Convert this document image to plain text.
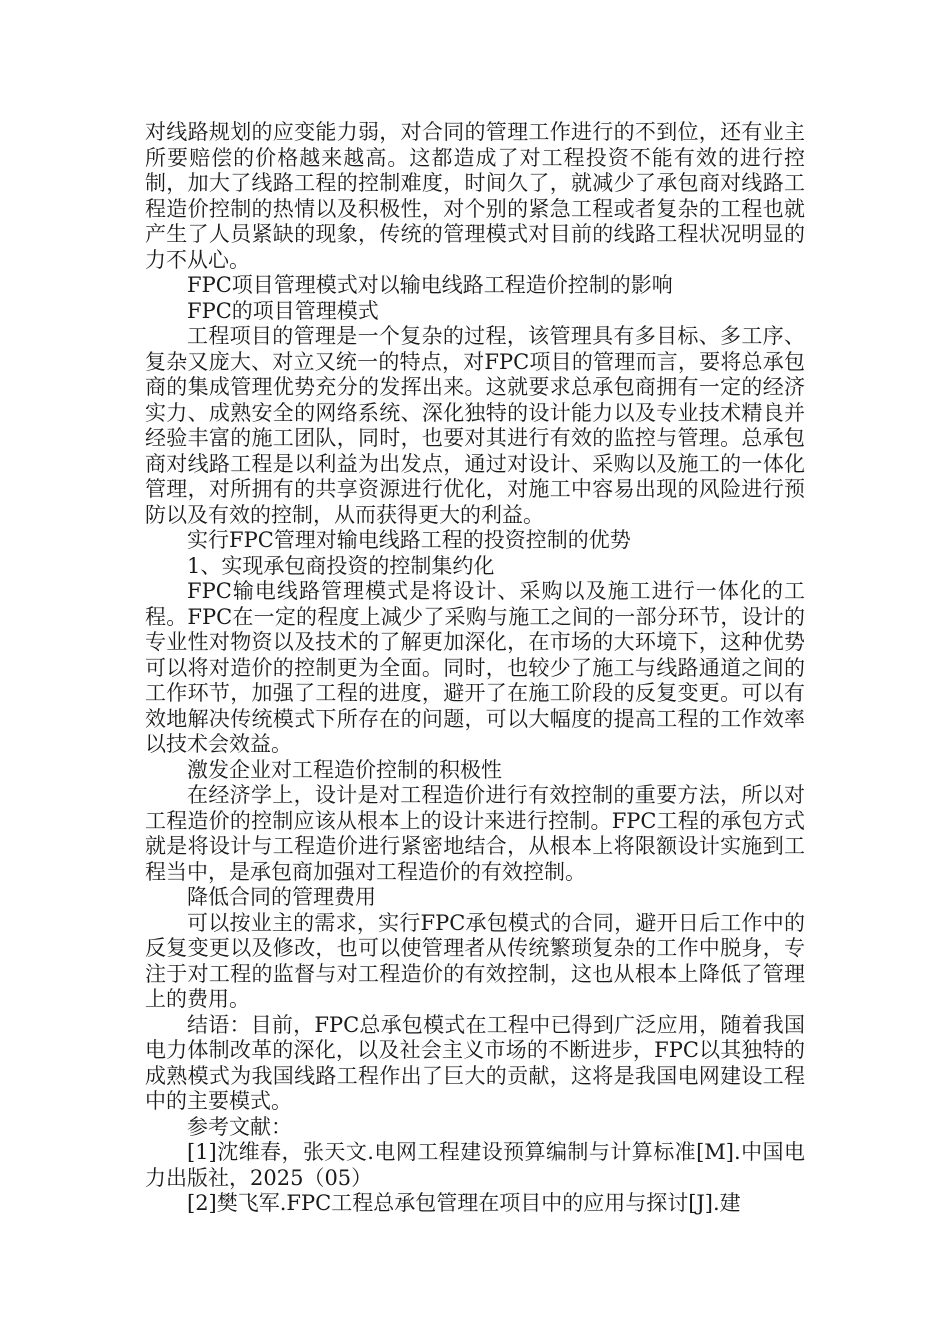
对线路规划的应变能力弱，对合同的管理工作进行的不到位，还有业主所要赔偿的价格越来越高。这都造成了对工程投资不能有效的进行控制，加大了线路工程的控制难度，时间久了，就减少了承包商对线路工程造价控制的热情以及积极性，对个别的紧急工程或者复杂的工程也就产生了人员紧缺的现象，传统的管理模式对目前的线路工程状况明显的力不从心。

FPC项目管理模式对以输电线路工程造价控制的影响

FPC的项目管理模式

工程项目的管理是一个复杂的过程，该管理具有多目标、多工序、复杂又庞大、对立又统一的特点，对FPC项目的管理而言，要将总承包商的集成管理优势充分的发挥出来。这就要求总承包商拥有一定的经济实力、成熟安全的网络系统、深化独特的设计能力以及专业技术精良并经验丰富的施工团队，同时，也要对其进行有效的监控与管理。总承包商对线路工程是以利益为出发点，通过对设计、采购以及施工的一体化管理，对所拥有的共享资源进行优化，对施工中容易出现的风险进行预防以及有效的控制，从而获得更大的利益。

实行FPC管理对输电线路工程的投资控制的优势

1、实现承包商投资的控制集约化

FPC输电线路管理模式是将设计、采购以及施工进行一体化的工程。FPC在一定的程度上减少了采购与施工之间的一部分环节，设计的专业性对物资以及技术的了解更加深化，在市场的大环境下，这种优势可以将对造价的控制更为全面。同时，也较少了施工与线路通道之间的工作环节，加强了工程的进度，避开了在施工阶段的反复变更。可以有效地解决传统模式下所存在的问题，可以大幅度的提高工程的工作效率以技术会效益。

激发企业对工程造价控制的积极性

在经济学上，设计是对工程造价进行有效控制的重要方法，所以对工程造价的控制应该从根本上的设计来进行控制。FPC工程的承包方式就是将设计与工程造价进行紧密地结合，从根本上将限额设计实施到工程当中，是承包商加强对工程造价的有效控制。

降低合同的管理费用

可以按业主的需求，实行FPC承包模式的合同，避开日后工作中的反复变更以及修改，也可以使管理者从传统繁琐复杂的工作中脱身，专注于对工程的监督与对工程造价的有效控制，这也从根本上降低了管理上的费用。

结语：目前，FPC总承包模式在工程中已得到广泛应用，随着我国电力体制改革的深化，以及社会主义市场的不断进步，FPC以其独特的成熟模式为我国线路工程作出了巨大的贡献，这将是我国电网建设工程中的主要模式。

参考文献：

[1]沈维春，张天文.电网工程建设预算编制与计算标准[M].中国电力出版社，2025（05）

[2]樊飞军.FPC工程总承包管理在项目中的应用与探讨[J].建
